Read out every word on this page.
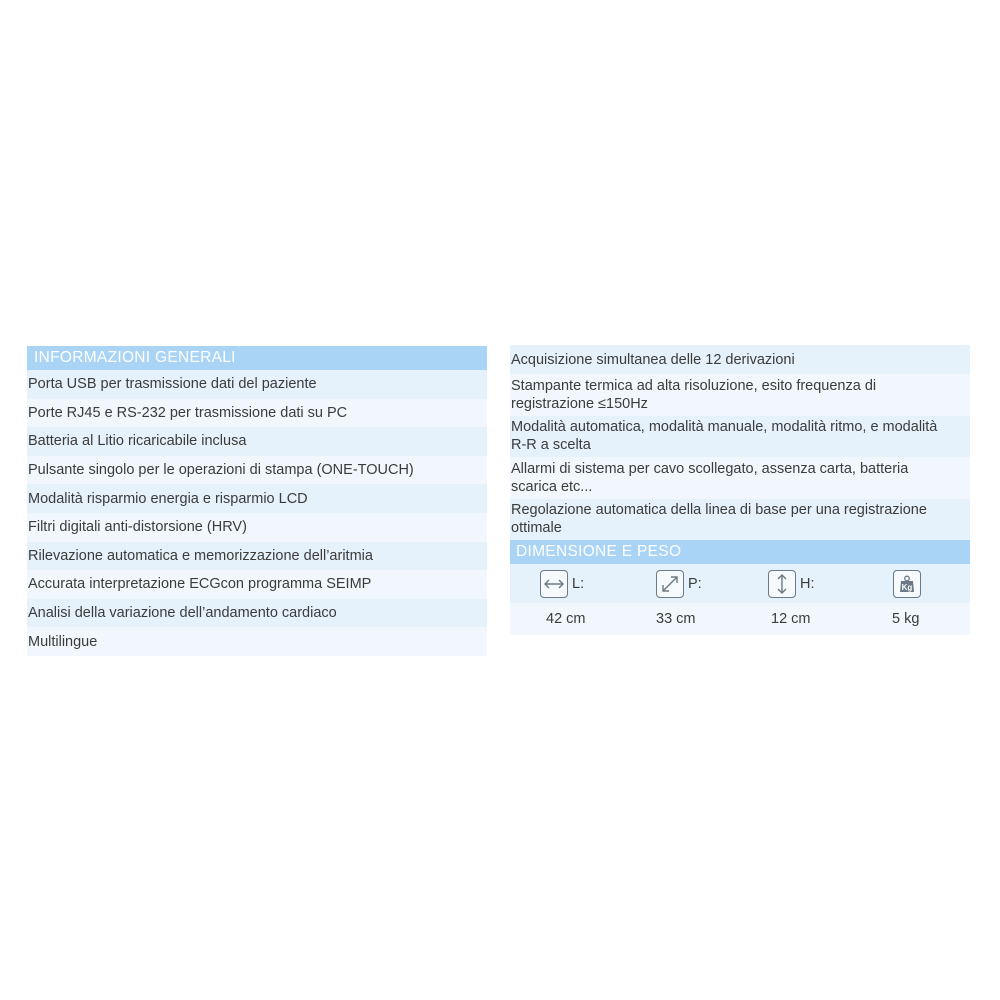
INFORMAZIONI GENERALI
Porta USB per trasmissione dati del paziente
Porte RJ45 e RS-232 per trasmissione dati su PC
Batteria al Litio ricaricabile inclusa
Pulsante singolo per le operazioni di stampa (ONE-TOUCH)
Modalità risparmio energia e risparmio LCD
Filtri digitali anti-distorsione (HRV)
Rilevazione automatica e memorizzazione dell’aritmia
Accurata interpretazione ECGcon programma SEIMP
Analisi della variazione dell’andamento cardiaco
Multilingue
Acquisizione simultanea delle 12 derivazioni
Stampante termica ad alta risoluzione, esito frequenza di registrazione ≤150Hz
Modalità automatica, modalità manuale, modalità ritmo, e modalità R-R a scelta
Allarmi di sistema per cavo scollegato, assenza carta, batteria scarica etc...
Regolazione automatica della linea di base per una registrazione ottimale
DIMENSIONE E PESO
L:	P:	H:	Kg
42 cm	33 cm	12 cm	5 kg
